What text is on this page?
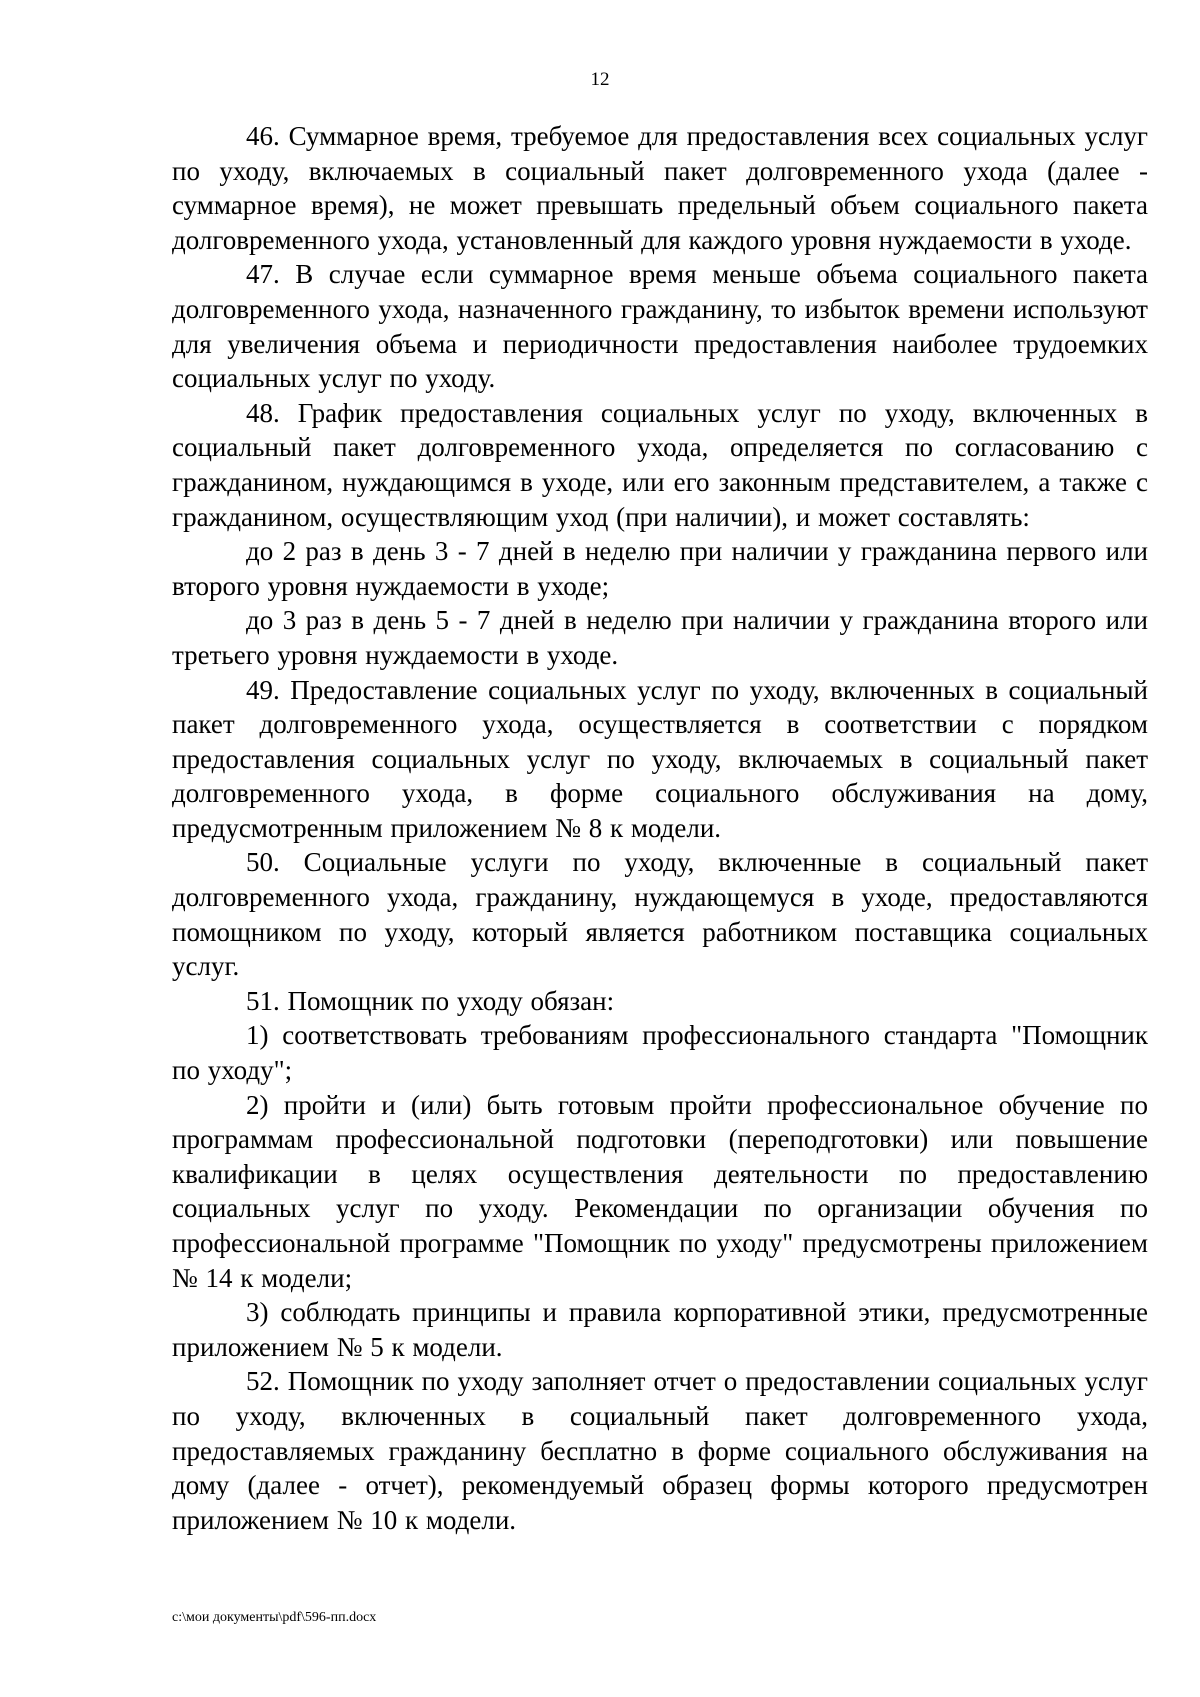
12

46. Суммарное время, требуемое для предоставления всех социальных услуг по уходу, включаемых в социальный пакет долговременного ухода (далее - суммарное время), не может превышать предельный объем социального пакета долговременного ухода, установленный для каждого уровня нуждаемости в уходе.

47. В случае если суммарное время меньше объема социального пакета долговременного ухода, назначенного гражданину, то избыток времени используют для увеличения объема и периодичности предоставления наиболее трудоемких социальных услуг по уходу.

48. График предоставления социальных услуг по уходу, включенных в социальный пакет долговременного ухода, определяется по согласованию с гражданином, нуждающимся в уходе, или его законным представителем, а также с гражданином, осуществляющим уход (при наличии), и может составлять:

до 2 раз в день 3 - 7 дней в неделю при наличии у гражданина первого или второго уровня нуждаемости в уходе;

до 3 раз в день 5 - 7 дней в неделю при наличии у гражданина второго или третьего уровня нуждаемости в уходе.

49. Предоставление социальных услуг по уходу, включенных в социальный пакет долговременного ухода, осуществляется в соответствии с порядком предоставления социальных услуг по уходу, включаемых в социальный пакет долговременного ухода, в форме социального обслуживания на дому, предусмотренным приложением № 8 к модели.

50. Социальные услуги по уходу, включенные в социальный пакет долговременного ухода, гражданину, нуждающемуся в уходе, предоставляются помощником по уходу, который является работником поставщика социальных услуг.

51. Помощник по уходу обязан:

1) соответствовать требованиям профессионального стандарта "Помощник по уходу";

2) пройти и (или) быть готовым пройти профессиональное обучение по программам профессиональной подготовки (переподготовки) или повышение квалификации в целях осуществления деятельности по предоставлению социальных услуг по уходу. Рекомендации по организации обучения по профессиональной программе "Помощник по уходу" предусмотрены приложением № 14 к модели;

3) соблюдать принципы и правила корпоративной этики, предусмотренные приложением № 5 к модели.

52. Помощник по уходу заполняет отчет о предоставлении социальных услуг по уходу, включенных в социальный пакет долговременного ухода, предоставляемых гражданину бесплатно в форме социального обслуживания на дому (далее - отчет), рекомендуемый образец формы которого предусмотрен приложением № 10 к модели.

c:\мои документы\pdf\596-пп.docx
